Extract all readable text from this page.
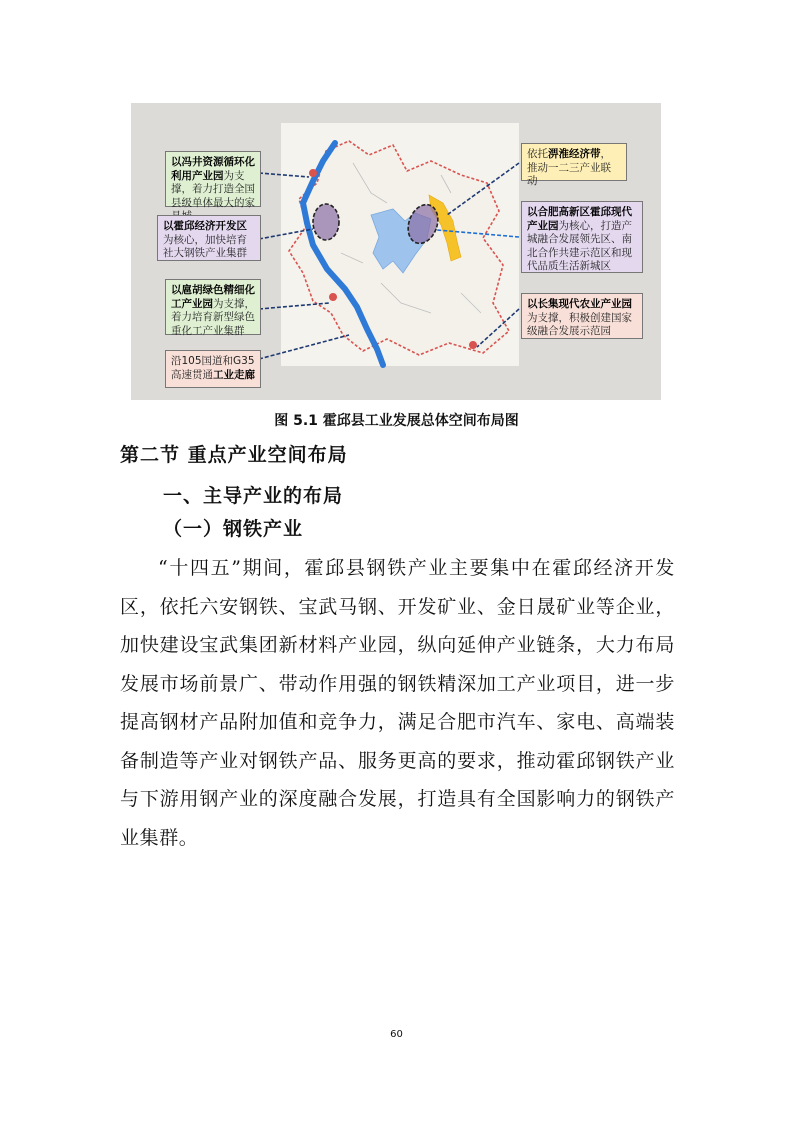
以冯井资源循环化利用产业园为支撑，着力打造全国县级单体最大的家
以霍邱经济开发区为核心，加快培育社大钢铁产业集群
以扈胡绿色精细化工产业园为支撑，着力培育新型绿色重化工产业集群
沿105国道和G35高速贯通工业走廊
依托淠淮经济带，推动一二三产业联动
以合肥高新区霍邱现代产业园为核心，打造产城融合发展领先区、南北合作共建示范区和现代品质生活新城区
以长集现代农业产业园为支撑，积极创建国家级融合发展示范园
图 5.1 霍邱县工业发展总体空间布局图
第二节 重点产业空间布局
一、主导产业的布局
（一）钢铁产业
“十四五”期间，霍邱县钢铁产业主要集中在霍邱经济开发区，依托六安钢铁、宝武马钢、开发矿业、金日晟矿业等企业，加快建设宝武集团新材料产业园，纵向延伸产业链条，大力布局发展市场前景广、带动作用强的钢铁精深加工产业项目，进一步提高钢材产品附加值和竞争力，满足合肥市汽车、家电、高端装备制造等产业对钢铁产品、服务更高的要求，推动霍邱钢铁产业与下游用钢产业的深度融合发展，打造具有全国影响力的钢铁产业集群。
60
